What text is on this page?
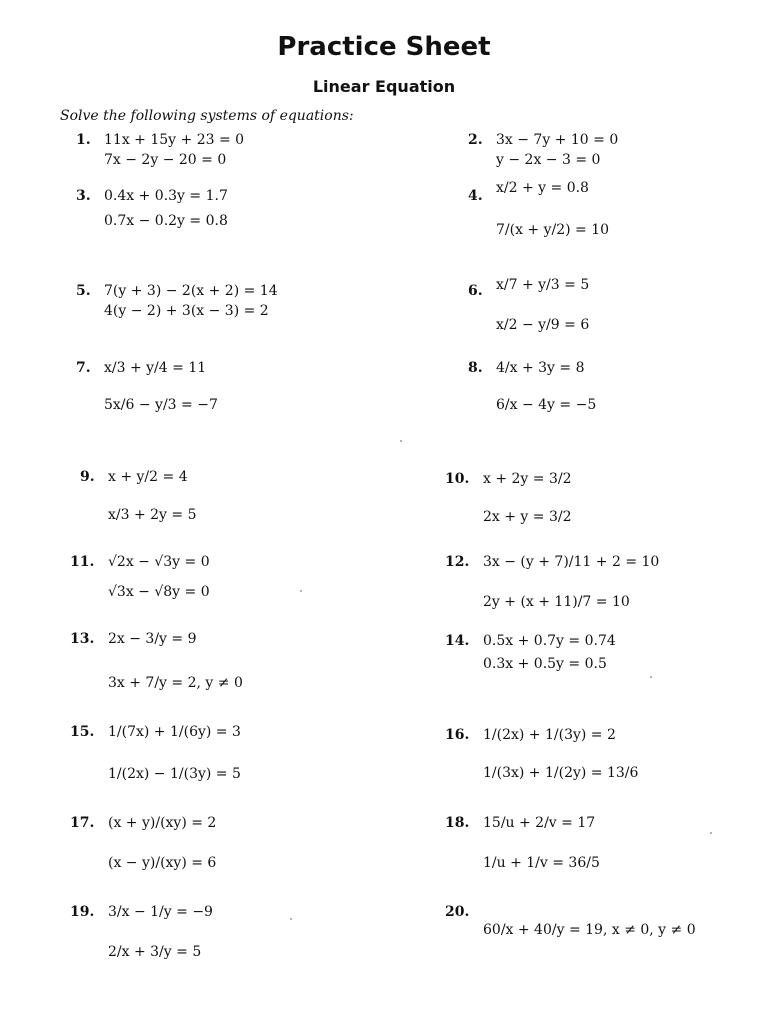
Practice Sheet
Linear Equation
Solve the following systems of equations:
1. 11x + 15y + 23 = 0
7x − 2y − 20 = 0
2. 3x − 7y + 10 = 0
y − 2x − 3 = 0
3. 0.4x + 0.3y = 1.7
0.7x − 0.2y = 0.8
4. x/2 + y = 0.8
7/(x + y/2) = 10
5. 7(y + 3) − 2(x + 2) = 14
4(y − 2) + 3(x − 3) = 2
6. x/7 + y/3 = 5
x/2 − y/9 = 6
7. x/3 + y/4 = 11
5x/6 − y/3 = −7
8. 4/x + 3y = 8
6/x − 4y = −5
9. x + y/2 = 4
x/3 + 2y = 5
10. x + 2y = 3/2
2x + y = 3/2
11. √2x − √3y = 0
√3x − √8y = 0
12. 3x − (y + 7)/11 + 2 = 10
2y + (x + 11)/7 = 10
13. 2x − 3/y = 9
3x + 7/y = 2, y ≠ 0
14. 0.5x + 0.7y = 0.74
0.3x + 0.5y = 0.5
15. 1/(7x) + 1/(6y) = 3
1/(2x) − 1/(3y) = 5
16. 1/(2x) + 1/(3y) = 2
1/(3x) + 1/(2y) = 13/6
17. (x + y)/(xy) = 2
(x − y)/(xy) = 6
18. 15/u + 2/v = 17
1/u + 1/v = 36/5
19. 3/x − 1/y = −9
2/x + 3/y = 5
20.
60/x + 40/y = 19, x ≠ 0, y ≠ 0
